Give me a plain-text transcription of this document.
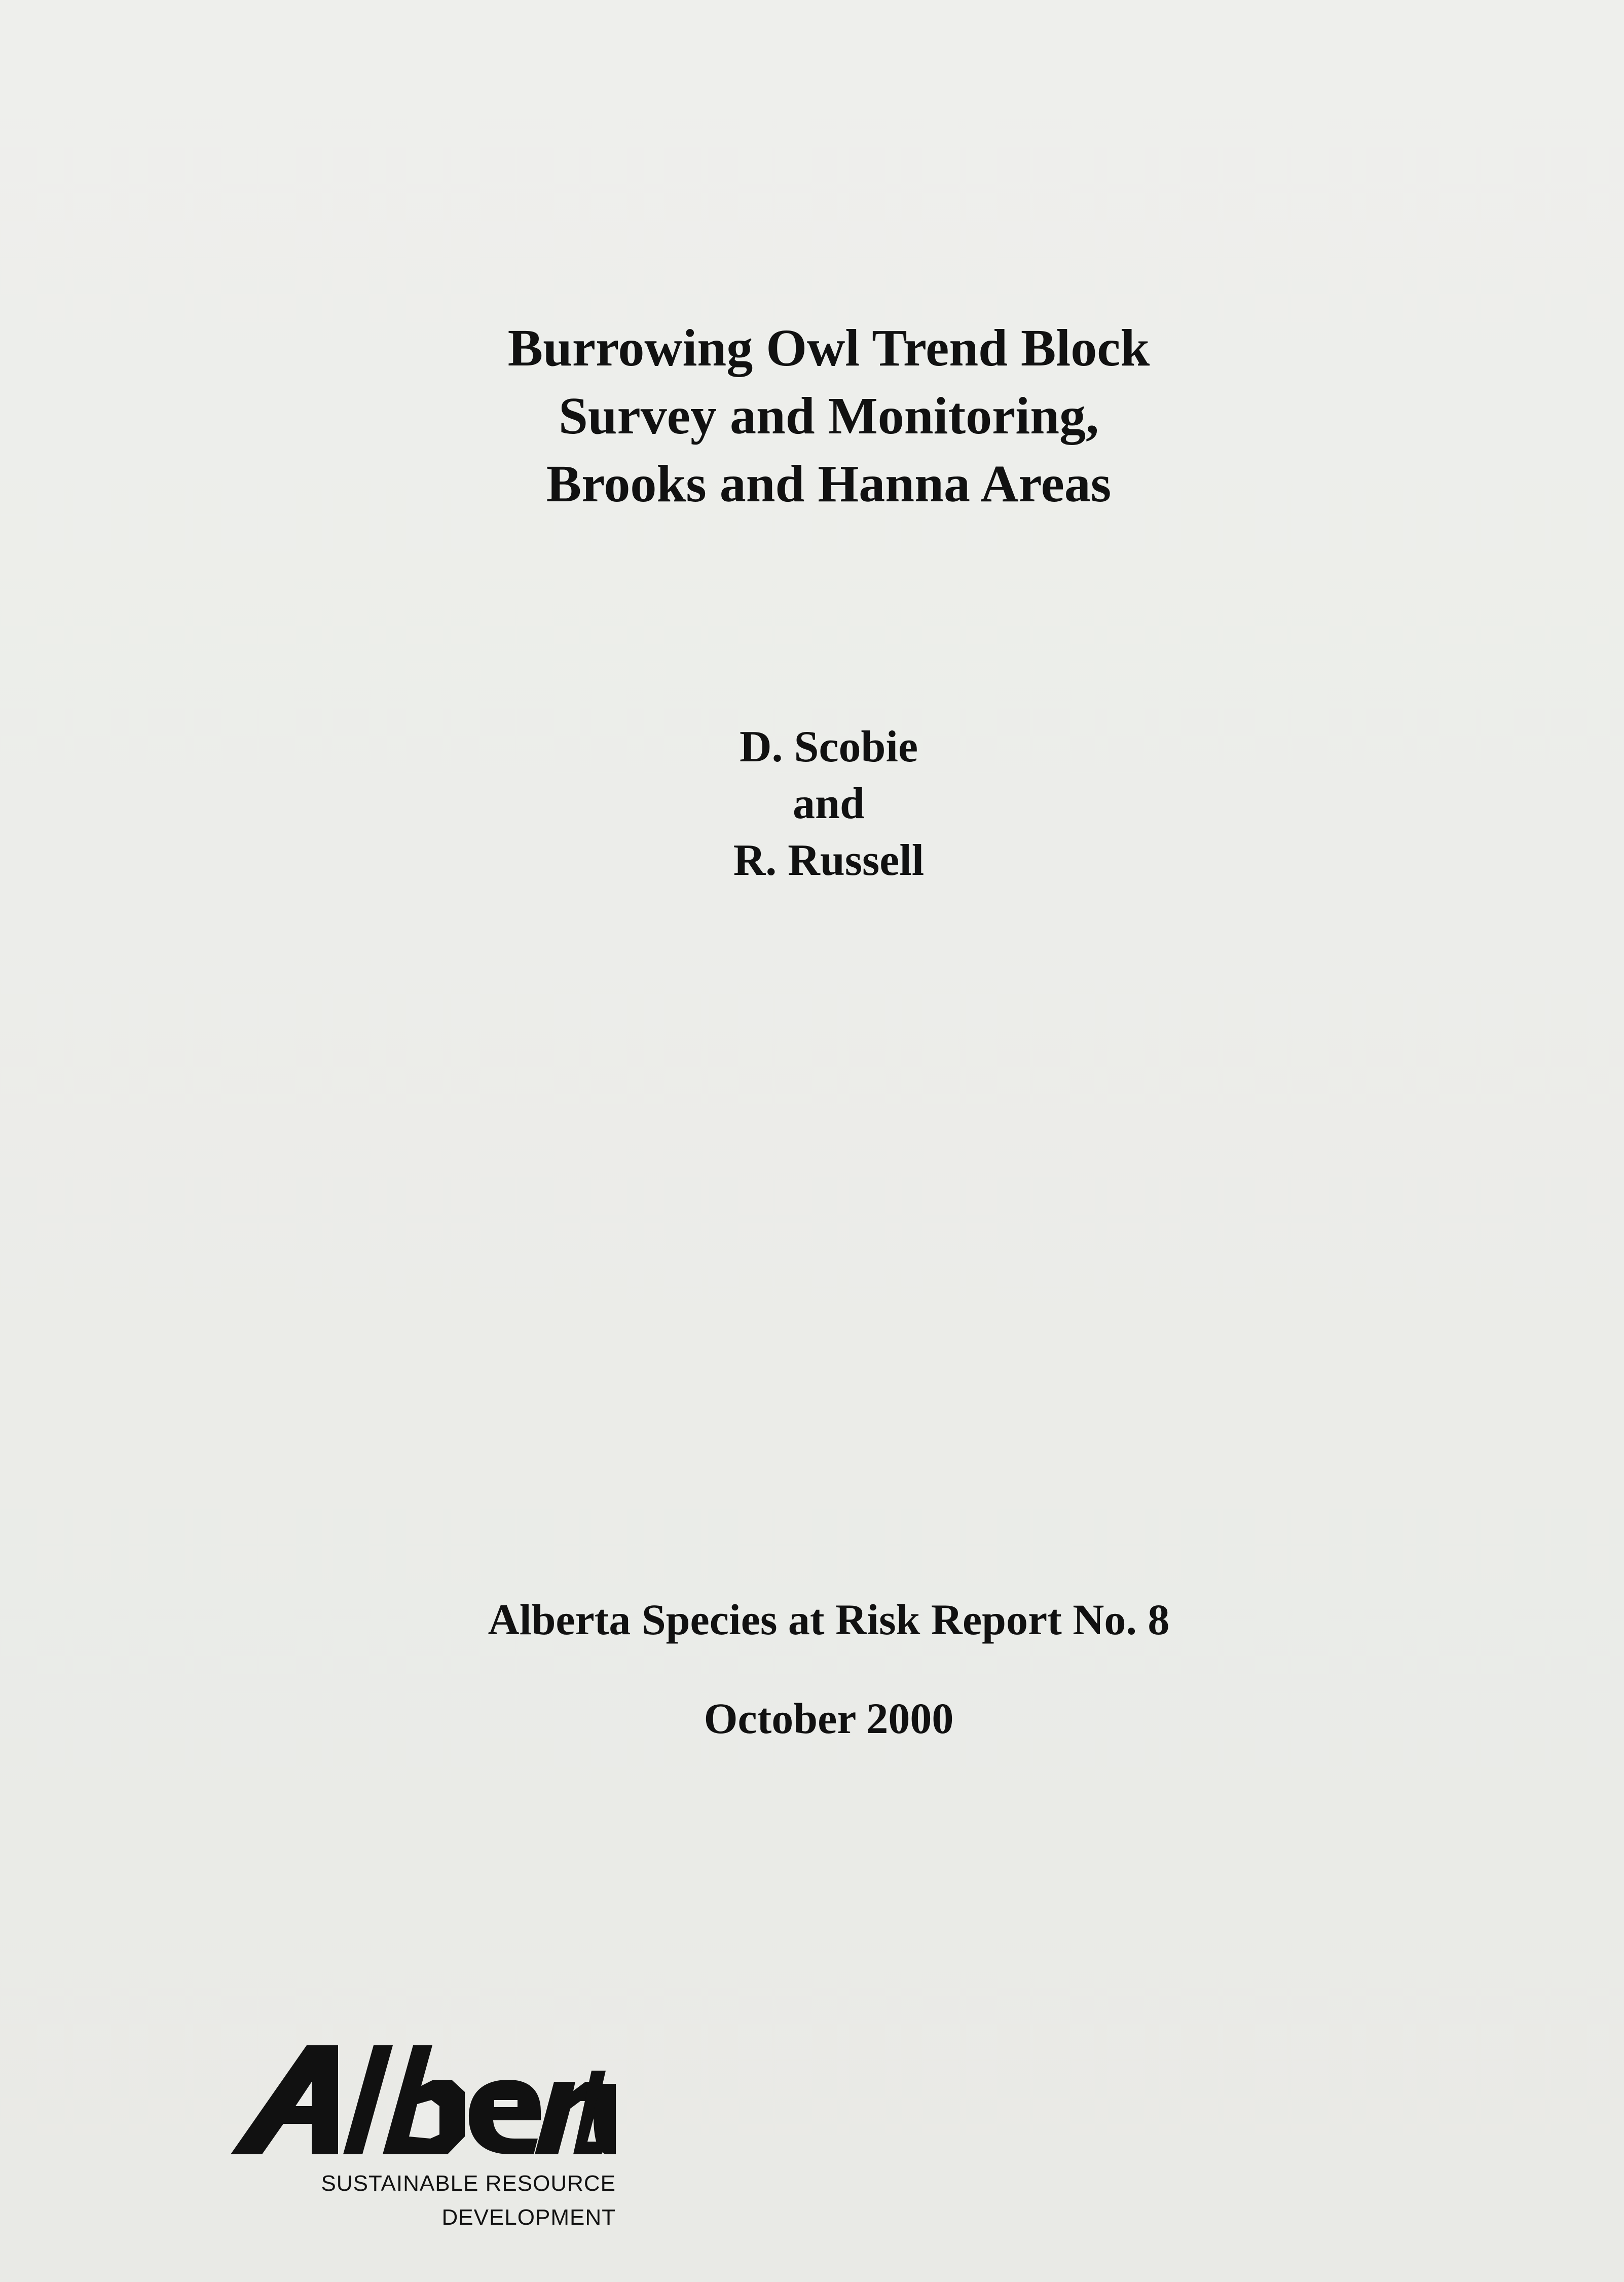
Burrowing Owl Trend Block
Survey and Monitoring,
Brooks and Hanna Areas
D. Scobie
and
R. Russell
Alberta Species at Risk Report No. 8
October 2000
SUSTAINABLE RESOURCE
DEVELOPMENT
